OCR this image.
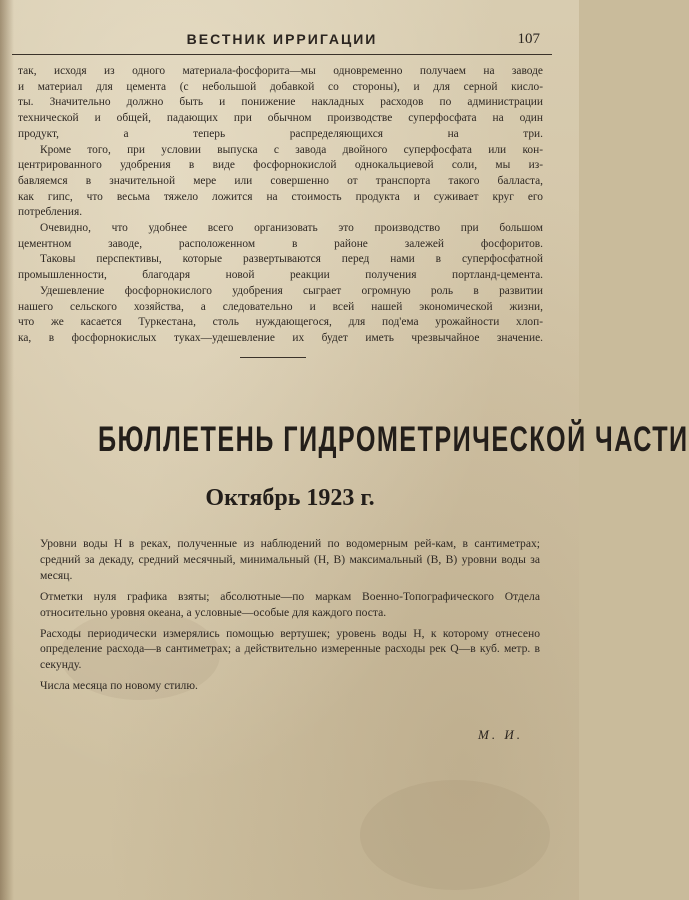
ВЕСТНИК ИРРИГАЦИИ	107

так, исходя из одного материала-фосфорита—мы одновременно получаем на заводе
и материал для цемента (с небольшой добавкой со стороны), и для серной кисло-
ты. Значительно должно быть и понижение накладных расходов по администрации
технической и общей, падающих при обычном производстве суперфосфата на один
продукт, а теперь распределяющихся на три.

Кроме того, при условии выпуска с завода двойного суперфосфата или кон-
центрированного удобрения в виде фосфорнокислой однокальциевой соли, мы из-
бавляемся в значительной мере или совершенно от транспорта такого балласта,
как гипс, что весьма тяжело ложится на стоимость продукта и суживает круг его
потребления.

Очевидно, что удобнее всего организовать это производство при большом
цементном заводе, расположенном в районе залежей фосфоритов.

Таковы перспективы, которые развертываются перед нами в суперфосфатной
промышленности, благодаря новой реакции получения портланд-цемента.

Удешевление фосфорнокислого удобрения сыграет огромную роль в развитии
нашего сельского хозяйства, а следовательно и всей нашей экономической жизни,
что же касается Туркестана, столь нуждающегося, для под'ема урожайности хлоп-
ка, в фосфорнокислых туках—удешевление их будет иметь чрезвычайное значение.

БЮЛЛЕТЕНЬ ГИДРОМЕТРИЧЕСКОЙ ЧАСТИ
Октябрь 1923 г.

Уровни воды H в реках, полученные из наблюдений по водомерным рей-кам, в сантиметрах; средний за декаду, средний месячный, минимальный (H, B) максимальный (B, B) уровни воды за месяц.

Отметки нуля графика взяты; абсолютные—по маркам Военно-Топографического Отдела относительно уровня океана, а условные—особые для каждого поста.

Расходы периодически измерялись помощью вертушек; уровень воды H, к которому отнесено определение расхода—в сантиметрах; а действительно измеренные расходы рек Q—в куб. метр. в секунду.

Числа месяца по новому стилю.

М. И.
